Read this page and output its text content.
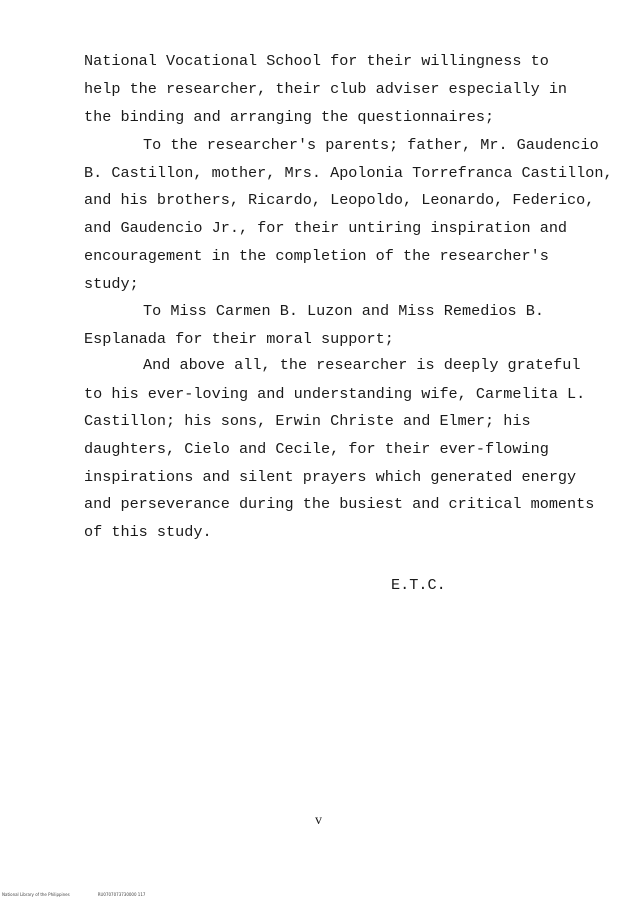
National Vocational School for their willingness to
help the researcher, their club adviser especially in
the binding and arranging the questionnaires;
To the researcher's parents; father, Mr. Gaudencio
B. Castillon, mother, Mrs. Apolonia Torrefranca Castillon,
and his brothers, Ricardo, Leopoldo, Leonardo, Federico,
and Gaudencio Jr., for their untiring inspiration and
encouragement in the completion of the researcher's
study;
To Miss Carmen B. Luzon and Miss Remedios B.
Esplanada for their moral support;
And above all, the researcher is deeply grateful
to his ever-loving and understanding wife, Carmelita L.
Castillon; his sons, Erwin Christe and Elmer; his
daughters, Cielo and Cecile, for their ever-flowing
inspirations and silent prayers which generated energy
and perseverance during the busiest and critical moments
of this study.
E.T.C.
v
National Library of the Philippines	RU0707073730000 117
